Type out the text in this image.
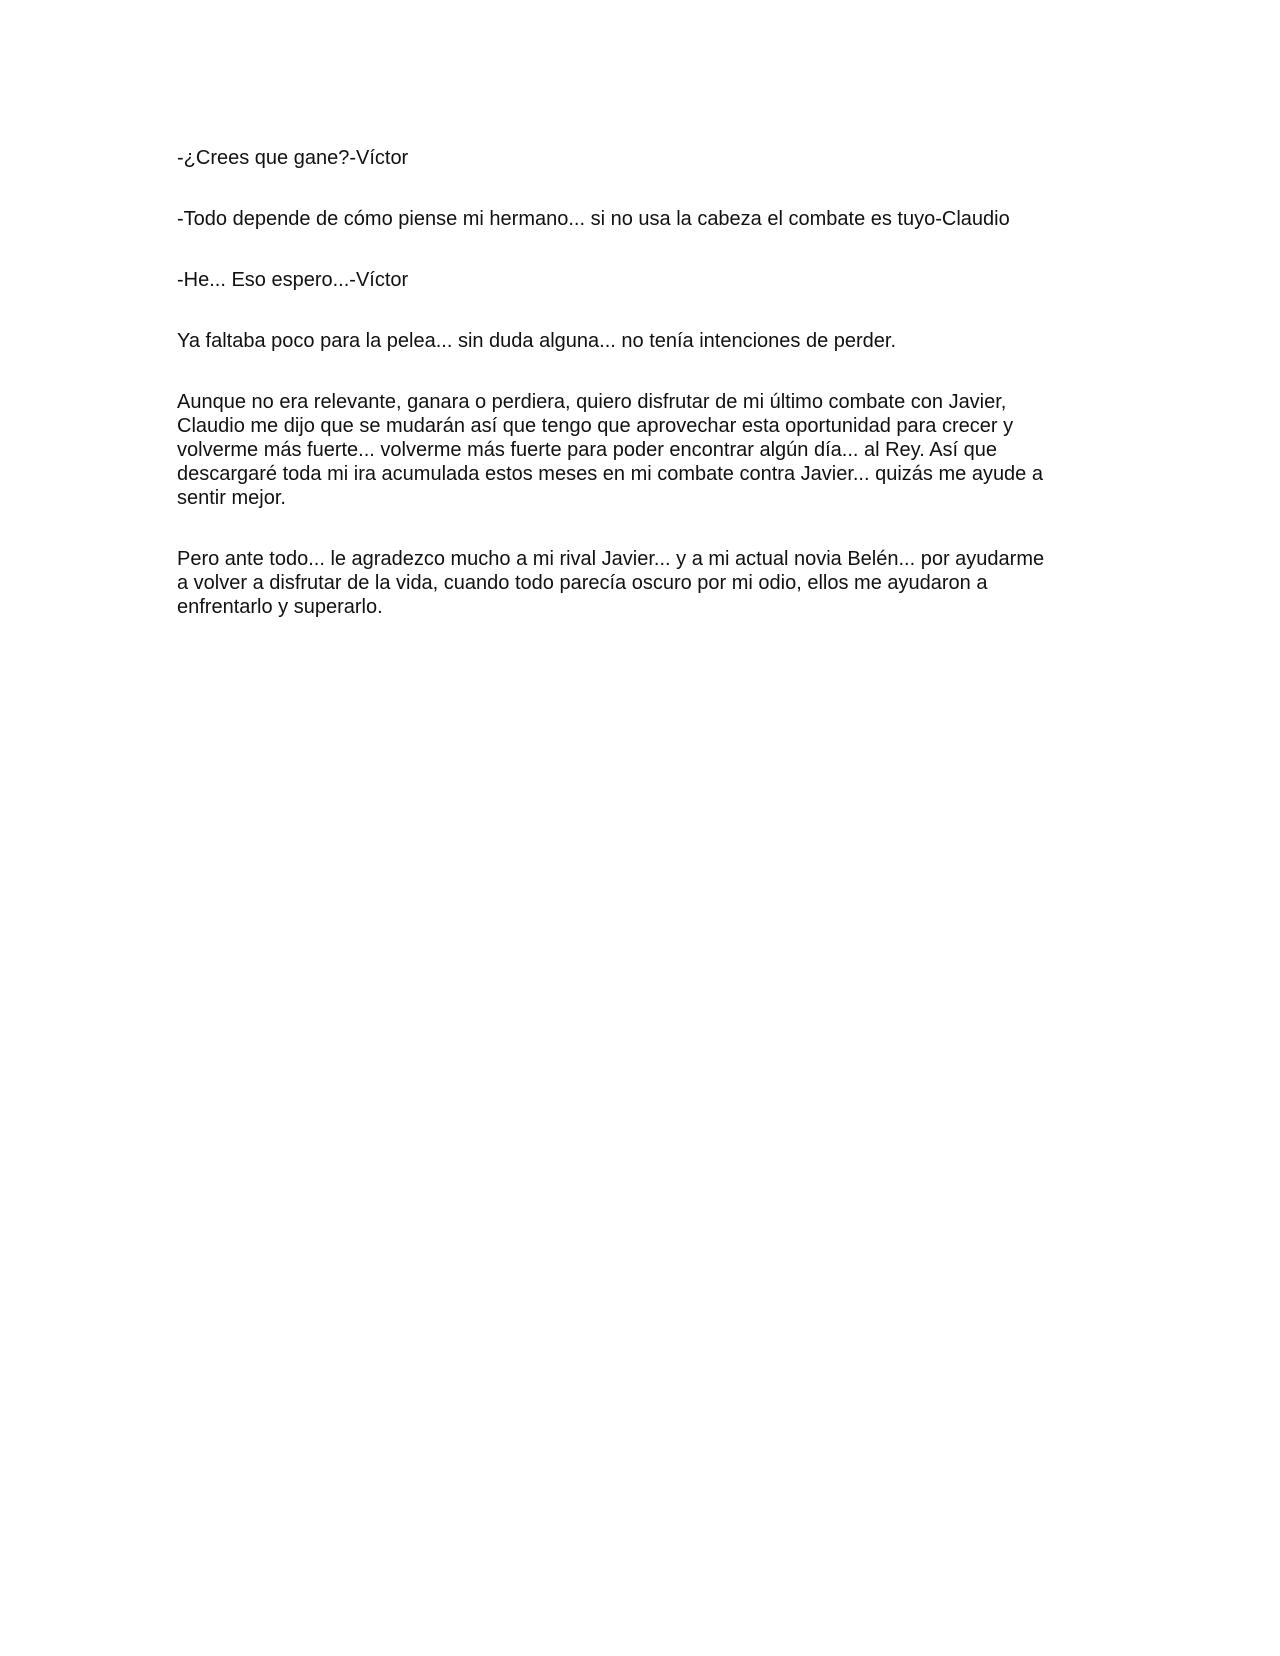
-¿Crees que gane?-Víctor

-Todo depende de cómo piense mi hermano... si no usa la cabeza el combate es tuyo-Claudio

-He... Eso espero...-Víctor

Ya faltaba poco para la pelea... sin duda alguna... no tenía intenciones de perder.

Aunque no era relevante, ganara o perdiera, quiero disfrutar de mi último combate con Javier,
Claudio me dijo que se mudarán así que tengo que aprovechar esta oportunidad para crecer y
volverme más fuerte... volverme más fuerte para poder encontrar algún día... al Rey. Así que
descargaré toda mi ira acumulada estos meses en mi combate contra Javier... quizás me ayude a
sentir mejor.

Pero ante todo... le agradezco mucho a mi rival Javier... y a mi actual novia Belén... por ayudarme
a volver a disfrutar de la vida, cuando todo parecía oscuro por mi odio, ellos me ayudaron a
enfrentarlo y superarlo.
